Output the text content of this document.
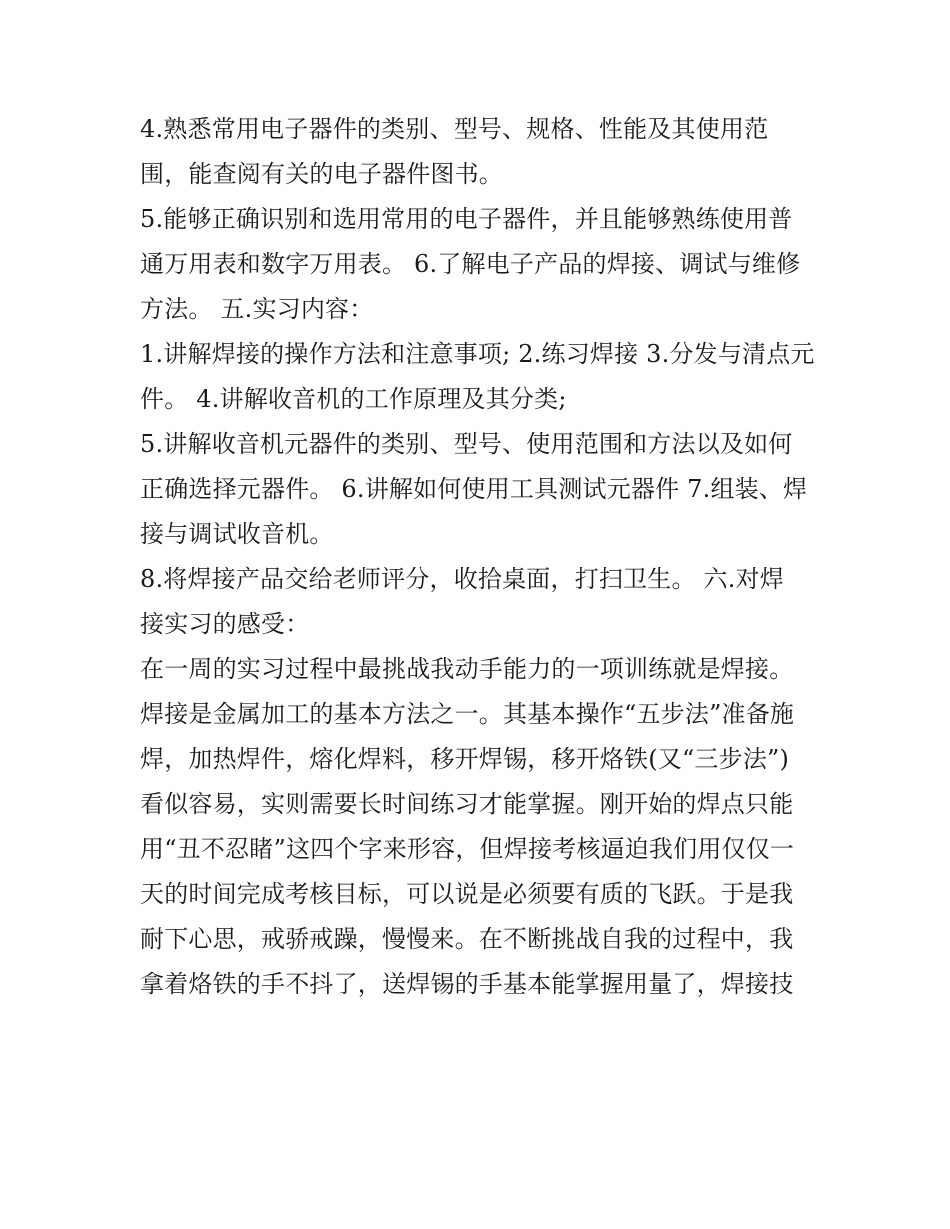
4.熟悉常用电子器件的类别、型号、规格、性能及其使用范
围，能查阅有关的电子器件图书。
5.能够正确识别和选用常用的电子器件，并且能够熟练使用普
通万用表和数字万用表。 6.了解电子产品的焊接、调试与维修
方法。 五.实习内容：
1.讲解焊接的操作方法和注意事项; 2.练习焊接 3.分发与清点元
件。 4.讲解收音机的工作原理及其分类;
5.讲解收音机元器件的类别、型号、使用范围和方法以及如何
正确选择元器件。 6.讲解如何使用工具测试元器件 7.组装、焊
接与调试收音机。
8.将焊接产品交给老师评分，收拾桌面，打扫卫生。 六.对焊
接实习的感受：
在一周的实习过程中最挑战我动手能力的一项训练就是焊接。
焊接是金属加工的基本方法之一。其基本操作“五步法”准备施
焊，加热焊件，熔化焊料，移开焊锡，移开烙铁(又“三步法”)
看似容易，实则需要长时间练习才能掌握。刚开始的焊点只能
用“丑不忍睹”这四个字来形容，但焊接考核逼迫我们用仅仅一
天的时间完成考核目标，可以说是必须要有质的飞跃。于是我
耐下心思，戒骄戒躁，慢慢来。在不断挑战自我的过程中，我
拿着烙铁的手不抖了，送焊锡的手基本能掌握用量了，焊接技
